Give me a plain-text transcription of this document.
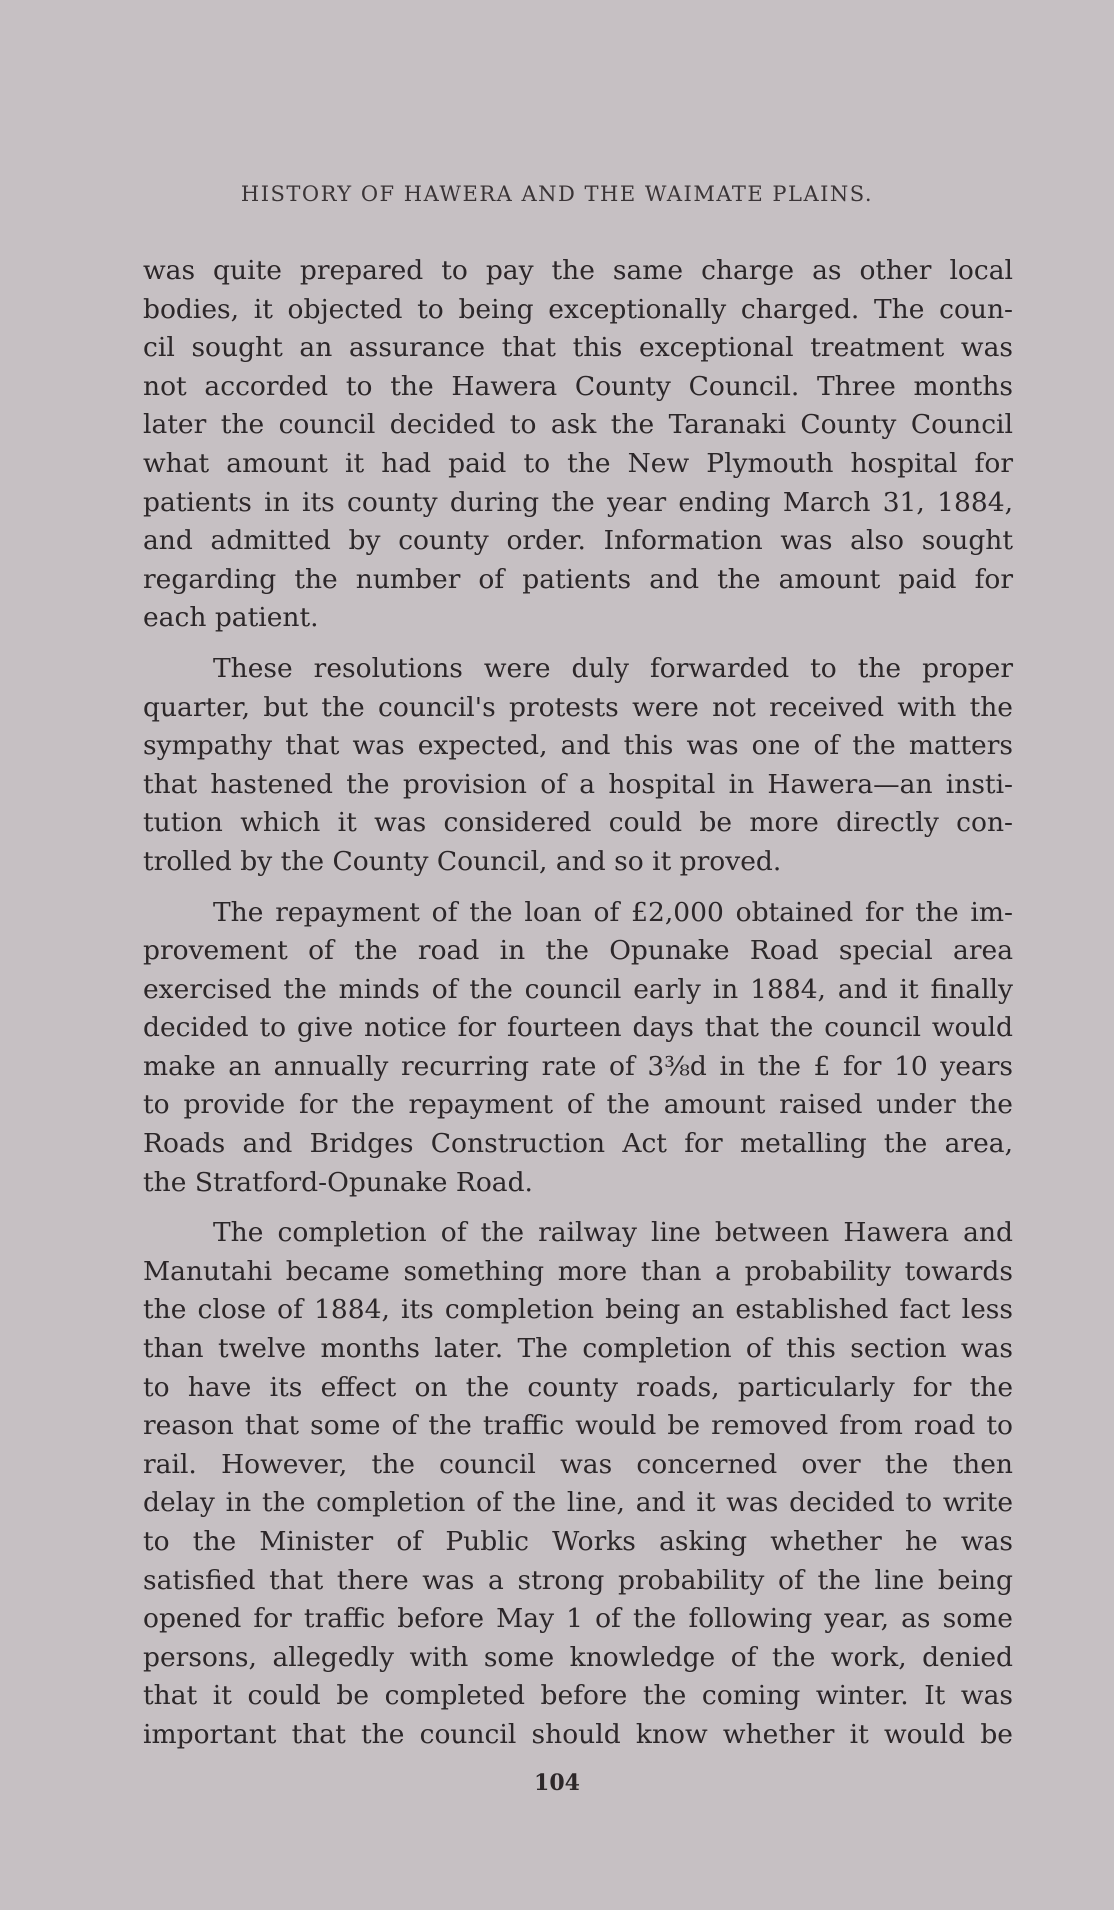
HISTORY OF HAWERA AND THE WAIMATE PLAINS.
was quite prepared to pay the same charge as other local
bodies, it objected to being exceptionally charged. The coun-
cil sought an assurance that this exceptional treatment was
not accorded to the Hawera County Council. Three months
later the council decided to ask the Taranaki County Council
what amount it had paid to the New Plymouth hospital for
patients in its county during the year ending March 31, 1884,
and admitted by county order. Information was also sought
regarding the number of patients and the amount paid for
each patient.
These resolutions were duly forwarded to the proper
quarter, but the council's protests were not received with the
sympathy that was expected, and this was one of the matters
that hastened the provision of a hospital in Hawera—an insti-
tution which it was considered could be more directly con-
trolled by the County Council, and so it proved.
The repayment of the loan of £2,000 obtained for the im-
provement of the road in the Opunake Road special area
exercised the minds of the council early in 1884, and it finally
decided to give notice for fourteen days that the council would
make an annually recurring rate of 3⅜d in the £ for 10 years
to provide for the repayment of the amount raised under the
Roads and Bridges Construction Act for metalling the area,
the Stratford-Opunake Road.
The completion of the railway line between Hawera and
Manutahi became something more than a probability towards
the close of 1884, its completion being an established fact less
than twelve months later. The completion of this section was
to have its effect on the county roads, particularly for the
reason that some of the traffic would be removed from road to
rail. However, the council was concerned over the then
delay in the completion of the line, and it was decided to write
to the Minister of Public Works asking whether he was
satisfied that there was a strong probability of the line being
opened for traffic before May 1 of the following year, as some
persons, allegedly with some knowledge of the work, denied
that it could be completed before the coming winter. It was
important that the council should know whether it would be
104
